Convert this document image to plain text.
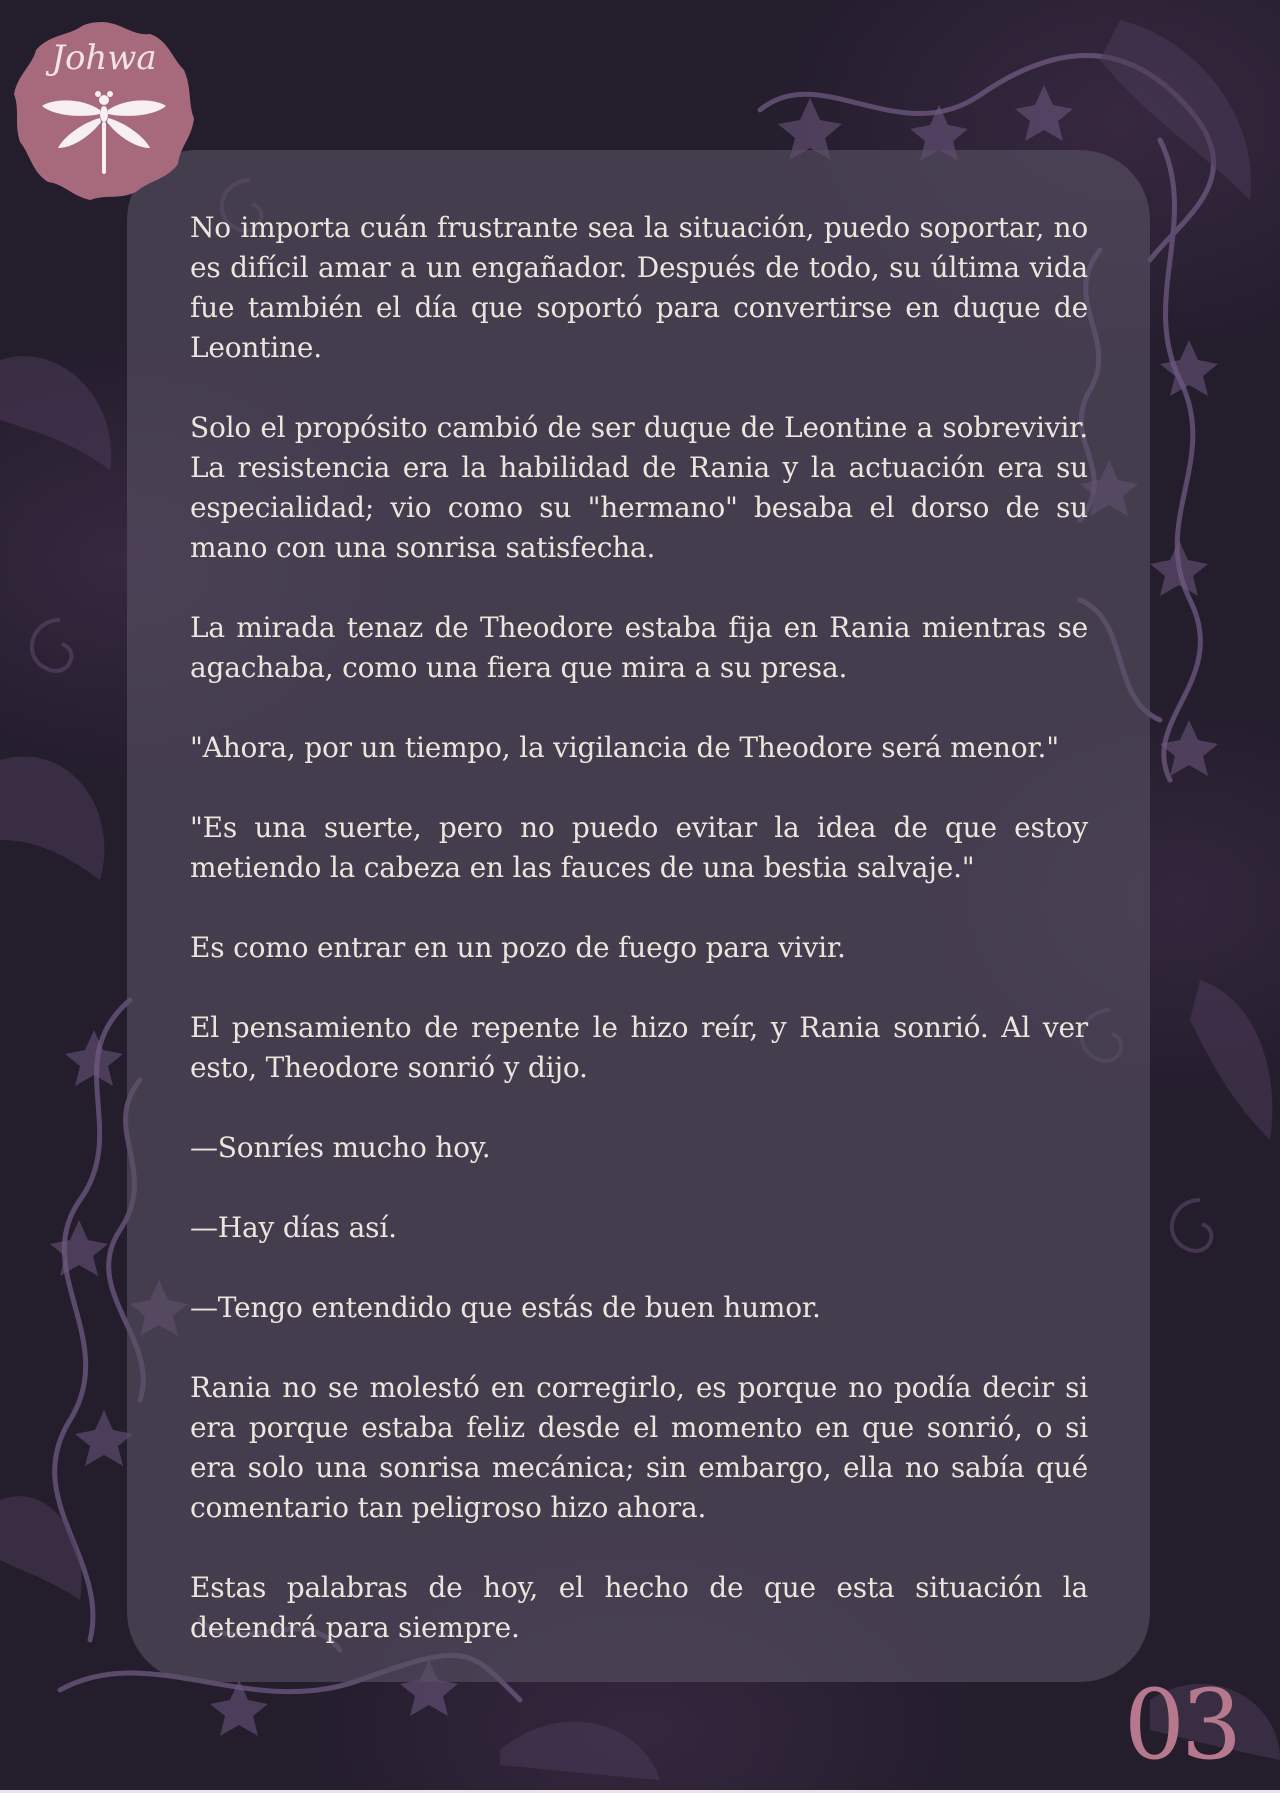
Johwa

No importa cuán frustrante sea la situación, puedo soportar, no es difícil amar a un engañador. Después de todo, su última vida fue también el día que soportó para convertirse en duque de Leontine.

Solo el propósito cambió de ser duque de Leontine a sobrevivir. La resistencia era la habilidad de Rania y la actuación era su especialidad; vio como su "hermano" besaba el dorso de su mano con una sonrisa satisfecha.

La mirada tenaz de Theodore estaba fija en Rania mientras se agachaba, como una fiera que mira a su presa.

"Ahora, por un tiempo, la vigilancia de Theodore será menor."

"Es una suerte, pero no puedo evitar la idea de que estoy metiendo la cabeza en las fauces de una bestia salvaje."

Es como entrar en un pozo de fuego para vivir.

El pensamiento de repente le hizo reír, y Rania sonrió. Al ver esto, Theodore sonrió y dijo.

—Sonríes mucho hoy.

—Hay días así.

—Tengo entendido que estás de buen humor.

Rania no se molestó en corregirlo, es porque no podía decir si era porque estaba feliz desde el momento en que sonrió, o si era solo una sonrisa mecánica; sin embargo, ella no sabía qué comentario tan peligroso hizo ahora.

Estas palabras de hoy, el hecho de que esta situación la detendrá para siempre.

03
